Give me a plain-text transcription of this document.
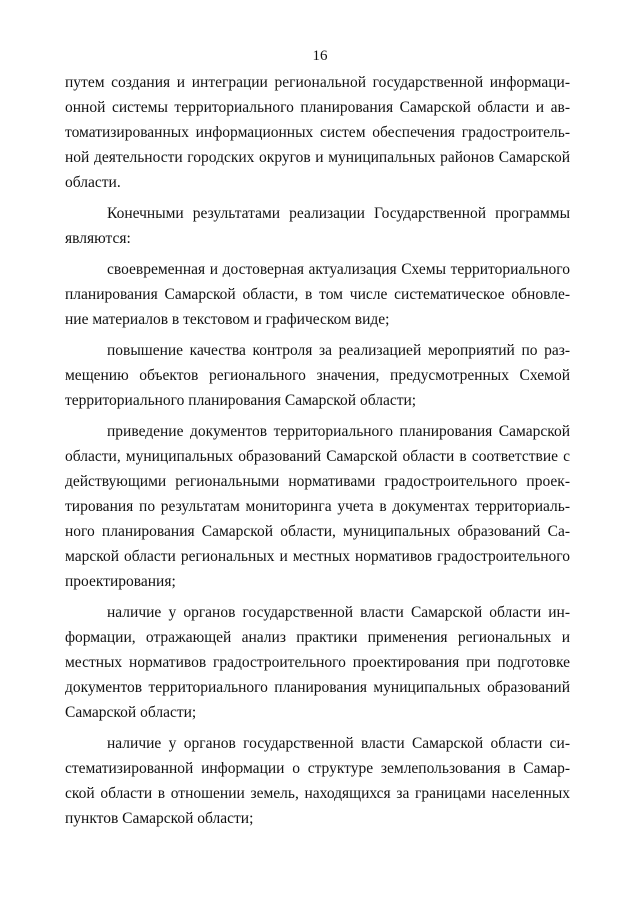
16

путем создания и интеграции региональной государственной информаци-

онной системы территориального планирования Самарской области и ав-

томатизированных информационных систем обеспечения градостроитель-

ной деятельности городских округов и муниципальных районов Самарской

области.

Конечными результатами реализации Государственной программы

являются:

своевременная и достоверная актуализация Схемы территориального

планирования Самарской области, в том числе систематическое обновле-

ние материалов в текстовом и графическом виде;

повышение качества контроля за реализацией мероприятий по раз-

мещению объектов регионального значения, предусмотренных Схемой

территориального планирования Самарской области;

приведение документов территориального планирования Самарской

области, муниципальных образований Самарской области в соответствие с

действующими региональными нормативами градостроительного проек-

тирования по результатам мониторинга учета в документах территориаль-

ного планирования Самарской области, муниципальных образований Са-

марской области региональных и местных нормативов градостроительного

проектирования;

наличие у органов государственной власти Самарской области ин-

формации, отражающей анализ практики применения региональных и

местных нормативов градостроительного проектирования при подготовке

документов территориального планирования муниципальных образований

Самарской области;

наличие у органов государственной власти Самарской области си-

стематизированной информации о структуре землепользования в Самар-

ской области в отношении земель, находящихся за границами населенных

пунктов Самарской области;
